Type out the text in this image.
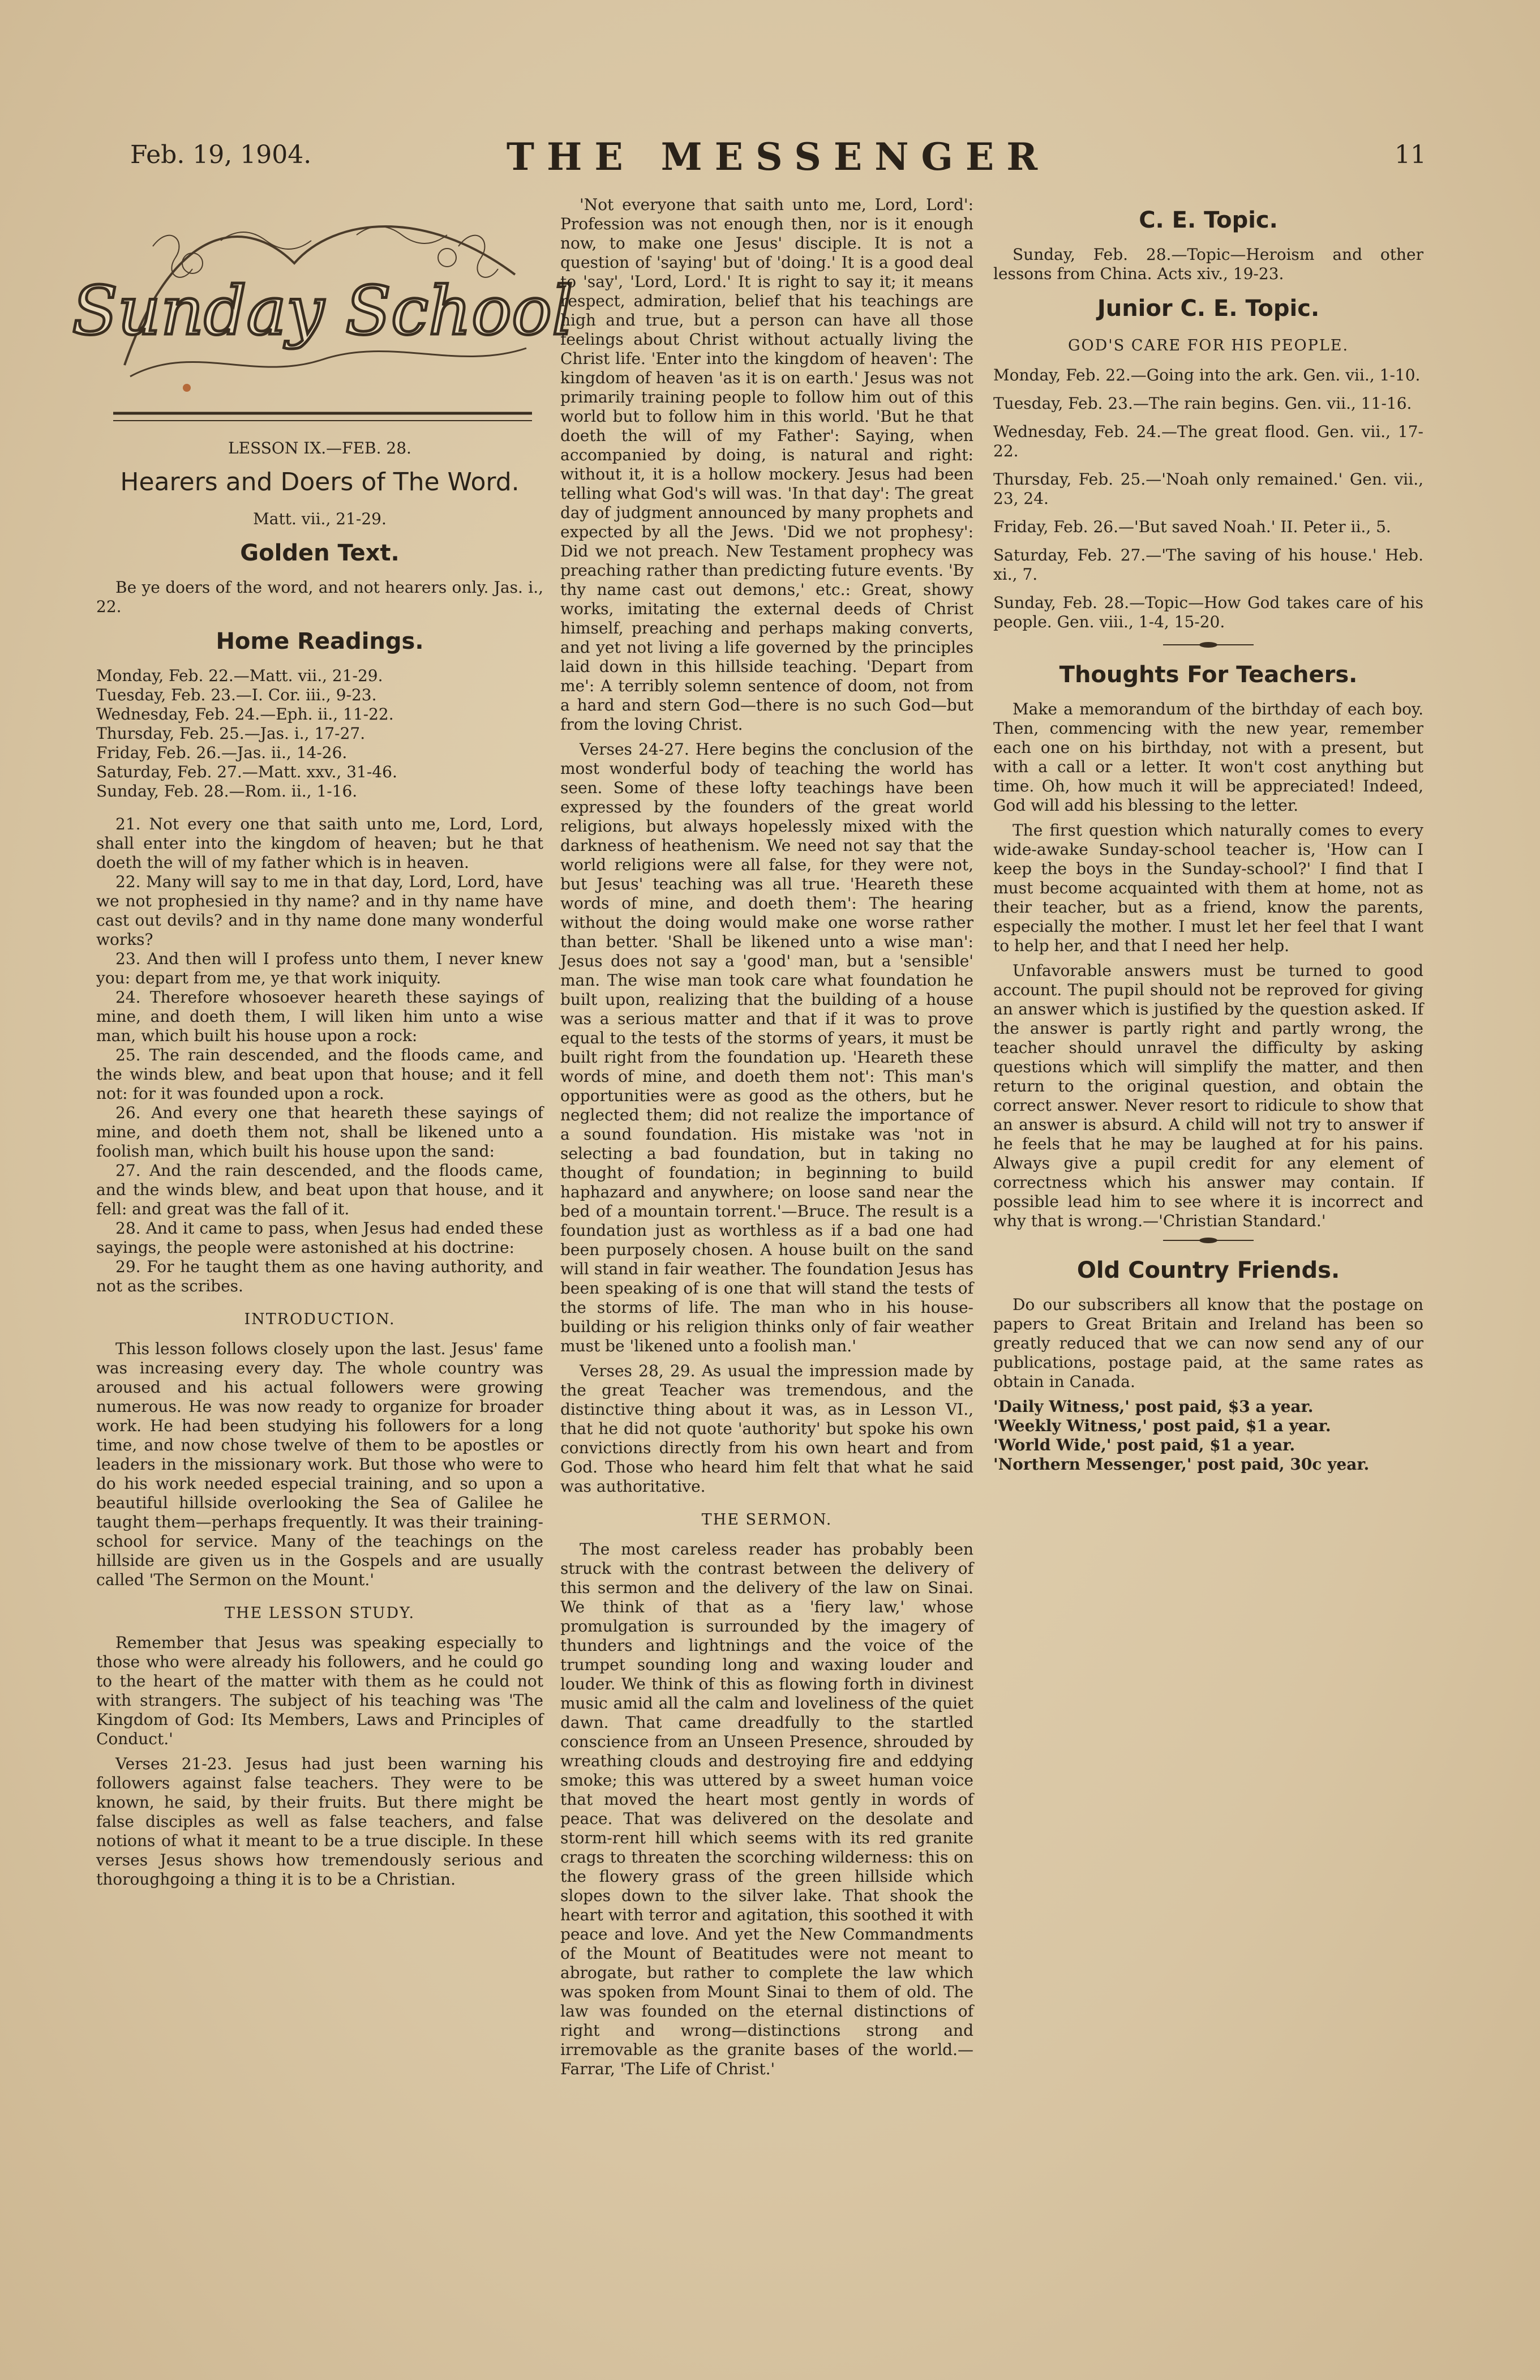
Feb. 19, 1904.	THE MESSENGER	11
Sunday School
LESSON IX.—FEB. 28.
Hearers and Doers of The Word.
Matt. vii., 21-29.
Golden Text.

Be ye doers of the word, and not hearers only. Jas. i., 22.

Home Readings.
Monday, Feb. 22.—Matt. vii., 21-29.
Tuesday, Feb. 23.—I. Cor. iii., 9-23.
Wednesday, Feb. 24.—Eph. ii., 11-22.
Thursday, Feb. 25.—Jas. i., 17-27.
Friday, Feb. 26.—Jas. ii., 14-26.
Saturday, Feb. 27.—Matt. xxv., 31-46.
Sunday, Feb. 28.—Rom. ii., 1-16.

21. Not every one that saith unto me, Lord, Lord, shall enter into the kingdom of heaven; but he that doeth the will of my father which is in heaven.

22. Many will say to me in that day, Lord, Lord, have we not prophesied in thy name? and in thy name have cast out devils? and in thy name done many wonderful works?

23. And then will I profess unto them, I never knew you: depart from me, ye that work iniquity.

24. Therefore whosoever heareth these sayings of mine, and doeth them, I will liken him unto a wise man, which built his house upon a rock:

25. The rain descended, and the floods came, and the winds blew, and beat upon that house; and it fell not: for it was founded upon a rock.

26. And every one that heareth these sayings of mine, and doeth them not, shall be likened unto a foolish man, which built his house upon the sand:

27. And the rain descended, and the floods came, and the winds blew, and beat upon that house, and it fell: and great was the fall of it.

28. And it came to pass, when Jesus had ended these sayings, the people were astonished at his doctrine:

29. For he taught them as one having authority, and not as the scribes.

INTRODUCTION.

This lesson follows closely upon the last. Jesus' fame was increasing every day. The whole country was aroused and his actual followers were growing numerous. He was now ready to organize for broader work. He had been studying his followers for a long time, and now chose twelve of them to be apostles or leaders in the missionary work. But those who were to do his work needed especial training, and so upon a beautiful hillside overlooking the Sea of Galilee he taught them—perhaps frequently. It was their training-school for service. Many of the teachings on the hillside are given us in the Gospels and are usually called 'The Sermon on the Mount.'

THE LESSON STUDY.

Remember that Jesus was speaking especially to those who were already his followers, and he could go to the heart of the matter with them as he could not with strangers. The subject of his teaching was 'The Kingdom of God: Its Members, Laws and Principles of Conduct.'

Verses 21-23. Jesus had just been warning his followers against false teachers. They were to be known, he said, by their fruits. But there might be false disciples as well as false teachers, and false notions of what it meant to be a true disciple. In these verses Jesus shows how tremendously serious and thoroughgoing a thing it is to be a Christian.

'Not everyone that saith unto me, Lord, Lord': Profession was not enough then, nor is it enough now, to make one Jesus' disciple. It is not a question of 'saying' but of 'doing.' It is a good deal to 'say', 'Lord, Lord.' It is right to say it; it means respect, admiration, belief that his teachings are high and true, but a person can have all those feelings about Christ without actually living the Christ life. 'Enter into the kingdom of heaven': The kingdom of heaven 'as it is on earth.' Jesus was not primarily training people to follow him out of this world but to follow him in this world. 'But he that doeth the will of my Father': Saying, when accompanied by doing, is natural and right: without it, it is a hollow mockery. Jesus had been telling what God's will was. 'In that day': The great day of judgment announced by many prophets and expected by all the Jews. 'Did we not prophesy': Did we not preach. New Testament prophecy was preaching rather than predicting future events. 'By thy name cast out demons,' etc.: Great, showy works, imitating the external deeds of Christ himself, preaching and perhaps making converts, and yet not living a life governed by the principles laid down in this hillside teaching. 'Depart from me': A terribly solemn sentence of doom, not from a hard and stern God—there is no such God—but from the loving Christ.

Verses 24-27. Here begins the conclusion of the most wonderful body of teaching the world has seen. Some of these lofty teachings have been expressed by the founders of the great world religions, but always hopelessly mixed with the darkness of heathenism. We need not say that the world religions were all false, for they were not, but Jesus' teaching was all true. 'Heareth these words of mine, and doeth them': The hearing without the doing would make one worse rather than better. 'Shall be likened unto a wise man': Jesus does not say a 'good' man, but a 'sensible' man. The wise man took care what foundation he built upon, realizing that the building of a house was a serious matter and that if it was to prove equal to the tests of the storms of years, it must be built right from the foundation up. 'Heareth these words of mine, and doeth them not': This man's opportunities were as good as the others, but he neglected them; did not realize the importance of a sound foundation. His mistake was 'not in selecting a bad foundation, but in taking no thought of foundation; in beginning to build haphazard and anywhere; on loose sand near the bed of a mountain torrent.'—Bruce. The result is a foundation just as worthless as if a bad one had been purposely chosen. A house built on the sand will stand in fair weather. The foundation Jesus has been speaking of is one that will stand the tests of the storms of life. The man who in his house-building or his religion thinks only of fair weather must be 'likened unto a foolish man.'

Verses 28, 29. As usual the impression made by the great Teacher was tremendous, and the distinctive thing about it was, as in Lesson VI., that he did not quote 'authority' but spoke his own convictions directly from his own heart and from God. Those who heard him felt that what he said was authoritative.

THE SERMON.

The most careless reader has probably been struck with the contrast between the delivery of this sermon and the delivery of the law on Sinai. We think of that as a 'fiery law,' whose promulgation is surrounded by the imagery of thunders and lightnings and the voice of the trumpet sounding long and waxing louder and louder. We think of this as flowing forth in divinest music amid all the calm and loveliness of the quiet dawn. That came dreadfully to the startled conscience from an Unseen Presence, shrouded by wreathing clouds and destroying fire and eddying smoke; this was uttered by a sweet human voice that moved the heart most gently in words of peace. That was delivered on the desolate and storm-rent hill which seems with its red granite crags to threaten the scorching wilderness: this on the flowery grass of the green hillside which slopes down to the silver lake. That shook the heart with terror and agitation, this soothed it with peace and love. And yet the New Commandments of the Mount of Beatitudes were not meant to abrogate, but rather to complete the law which was spoken from Mount Sinai to them of old. The law was founded on the eternal distinctions of right and wrong—distinctions strong and irremovable as the granite bases of the world.—Farrar, 'The Life of Christ.'

C. E. Topic.

Sunday, Feb. 28.—Topic—Heroism and other lessons from China. Acts xiv., 19-23.

Junior C. E. Topic.
GOD'S CARE FOR HIS PEOPLE.
Monday, Feb. 22.—Going into the ark. Gen. vii., 1-10.
Tuesday, Feb. 23.—The rain begins. Gen. vii., 11-16.
Wednesday, Feb. 24.—The great flood. Gen. vii., 17-22.
Thursday, Feb. 25.—'Noah only remained.' Gen. vii., 23, 24.
Friday, Feb. 26.—'But saved Noah.' II. Peter ii., 5.
Saturday, Feb. 27.—'The saving of his house.' Heb. xi., 7.
Sunday, Feb. 28.—Topic—How God takes care of his people. Gen. viii., 1-4, 15-20.
Thoughts For Teachers.

Make a memorandum of the birthday of each boy. Then, commencing with the new year, remember each one on his birthday, not with a present, but with a call or a letter. It won't cost anything but time. Oh, how much it will be appreciated! Indeed, God will add his blessing to the letter.

The first question which naturally comes to every wide-awake Sunday-school teacher is, 'How can I keep the boys in the Sunday-school?' I find that I must become acquainted with them at home, not as their teacher, but as a friend, know the parents, especially the mother. I must let her feel that I want to help her, and that I need her help.

Unfavorable answers must be turned to good account. The pupil should not be reproved for giving an answer which is justified by the question asked. If the answer is partly right and partly wrong, the teacher should unravel the difficulty by asking questions which will simplify the matter, and then return to the original question, and obtain the correct answer. Never resort to ridicule to show that an answer is absurd. A child will not try to answer if he feels that he may be laughed at for his pains. Always give a pupil credit for any element of correctness which his answer may contain. If possible lead him to see where it is incorrect and why that is wrong.—'Christian Standard.'

Old Country Friends.

Do our subscribers all know that the postage on papers to Great Britain and Ireland has been so greatly reduced that we can now send any of our publications, postage paid, at the same rates as obtain in Canada.

'Daily Witness,' post paid, $3 a year.
'Weekly Witness,' post paid, $1 a year.
'World Wide,' post paid, $1 a year.
'Northern Messenger,' post paid, 30c year.
